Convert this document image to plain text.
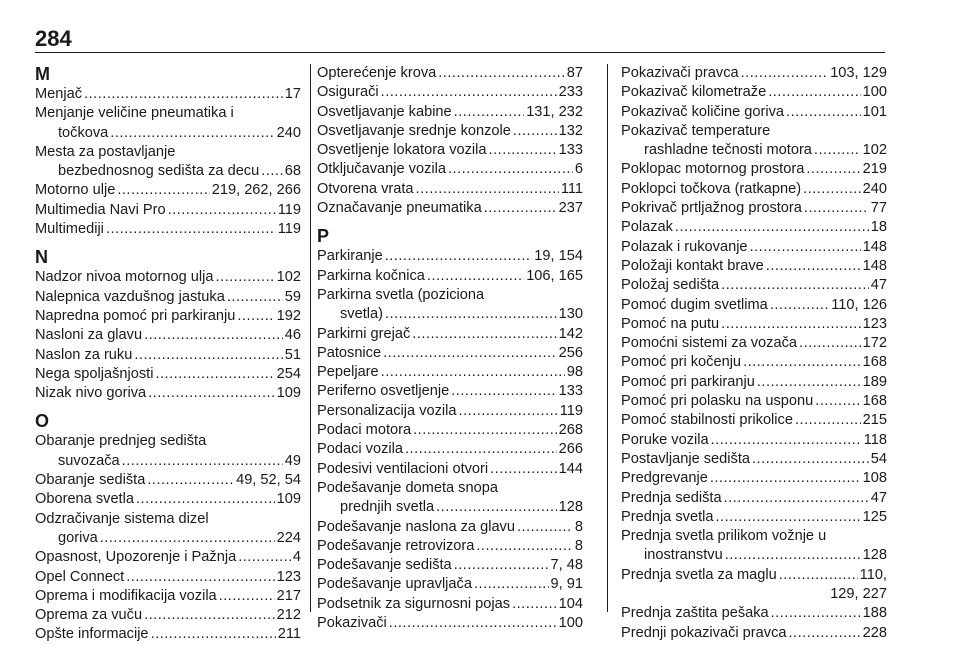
284
M
Menjač .....	17
Menjanje veličine pneumatika i
točkova .....	240
Mesta za postavljanje
bezbednosnog sedišta za decu ..... 68
Motorno ulje .....	219, 262, 266
Multimedia Navi Pro .....	119
Multimediji .....	119
N
Nadzor nivoa motornog ulja .....	102
Nalepnica vazdušnog jastuka .....	59
Napredna pomoć pri parkiranju .....	192
Nasloni za glavu .....	46
Naslon za ruku .....	51
Nega spoljašnjosti .....	254
Nizak nivo goriva .....	109
O
Obaranje prednjeg sedišta
suvozača .....	49
Obaranje sedišta .....	49, 52, 54
Oborena svetla .....	109
Odzračivanje sistema dizel
goriva .....	224
Opasnost, Upozorenje i Pažnja .....	4
Opel Connect .....	123
Oprema i modifikacija vozila .....	217
Oprema za vuču .....	212
Opšte informacije .....	211
Opterećenje krova .....	87
Osigurači .....	233
Osvetljavanje kabine .....	131, 232
Osvetljavanje srednje konzole .....	132
Osvetljenje lokatora vozila .....	133
Otključavanje vozila .....	6
Otvorena vrata .....	111
Označavanje pneumatika .....	237
P
Parkiranje .....	19, 154
Parkirna kočnica .....	106, 165
Parkirna svetla (poziciona
svetla) .....	130
Parkirni grejač .....	142
Patosnice .....	256
Pepeljare .....	98
Periferno osvetljenje .....	133
Personalizacija vozila .....	119
Podaci motora .....	268
Podaci vozila .....	266
Podesivi ventilacioni otvori .....	144
Podešavanje dometa snopa
prednjih svetla .....	128
Podešavanje naslona za glavu .....	8
Podešavanje retrovizora .....	8
Podešavanje sedišta .....	7, 48
Podešavanje upravljača .....	9, 91
Podsetnik za sigurnosni pojas .....	104
Pokazivači .....	100
Pokazivači pravca .....	103, 129
Pokazivač kilometraže .....	100
Pokazivač količine goriva .....	101
Pokazivač temperature
rashladne tečnosti motora .....	102
Poklopac motornog prostora .....	219
Poklopci točkova (ratkapne) .....	240
Pokrivač prtljažnog prostora .....	77
Polazak .....	18
Polazak i rukovanje .....	148
Položaji kontakt brave .....	148
Položaj sedišta .....	47
Pomoć dugim svetlima .....	110, 126
Pomoć na putu .....	123
Pomoćni sistemi za vozača .....	172
Pomoć pri kočenju .....	168
Pomoć pri parkiranju .....	189
Pomoć pri polasku na usponu .....	168
Pomoć stabilnosti prikolice .....	215
Poruke vozila .....	118
Postavljanje sedišta .....	54
Predgrevanje .....	108
Prednja sedišta .....	47
Prednja svetla .....	125
Prednja svetla prilikom vožnje u
inostranstvu .....	128
Prednja svetla za maglu .....	110,
129, 227
Prednja zaštita pešaka .....	188
Prednji pokazivači pravca .....	228
